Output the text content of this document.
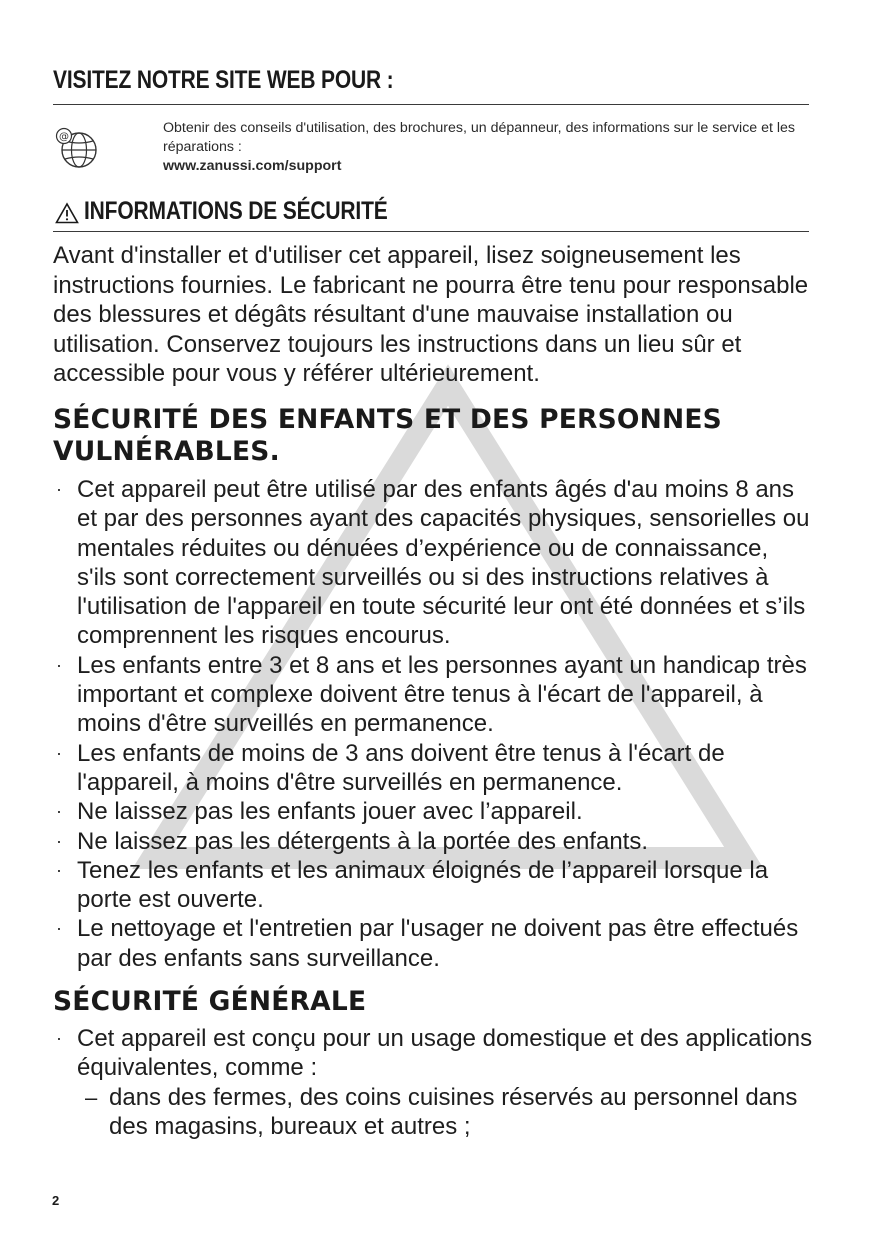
VISITEZ NOTRE SITE WEB POUR :
@
Obtenir des conseils d'utilisation, des brochures, un dépanneur, des informations sur le service et les réparations :
www.zanussi.com/support
INFORMATIONS DE SÉCURITÉ

Avant d'installer et d'utiliser cet appareil, lisez soigneusement les instructions fournies. Le fabricant ne pourra être tenu pour responsable des blessures et dégâts résultant d'une mauvaise installation ou utilisation. Conservez toujours les instructions dans un lieu sûr et accessible pour vous y référer ultérieurement.

SÉCURITÉ DES ENFANTS ET DES PERSONNES VULNÉRABLES.
· Cet appareil peut être utilisé par des enfants âgés d'au moins 8 ans et par des personnes ayant des capacités physiques, sensorielles ou mentales réduites ou dénuées d’expérience ou de connaissance, s'ils sont correctement surveillés ou si des instructions relatives à l'utilisation de l'appareil en toute sécurité leur ont été données et s’ils comprennent les risques encourus.
· Les enfants entre 3 et 8 ans et les personnes ayant un handicap très important et complexe doivent être tenus à l'écart de l'appareil, à moins d'être surveillés en permanence.
· Les enfants de moins de 3 ans doivent être tenus à l'écart de l'appareil, à moins d'être surveillés en permanence.
· Ne laissez pas les enfants jouer avec l’appareil.
· Ne laissez pas les détergents à la portée des enfants.
· Tenez les enfants et les animaux éloignés de l’appareil lorsque la porte est ouverte.
· Le nettoyage et l'entretien par l'usager ne doivent pas être effectués par des enfants sans surveillance.
SÉCURITÉ GÉNÉRALE
· Cet appareil est conçu pour un usage domestique et des applications équivalentes, comme :
– dans des fermes, des coins cuisines réservés au personnel dans des magasins, bureaux et autres ;
2
